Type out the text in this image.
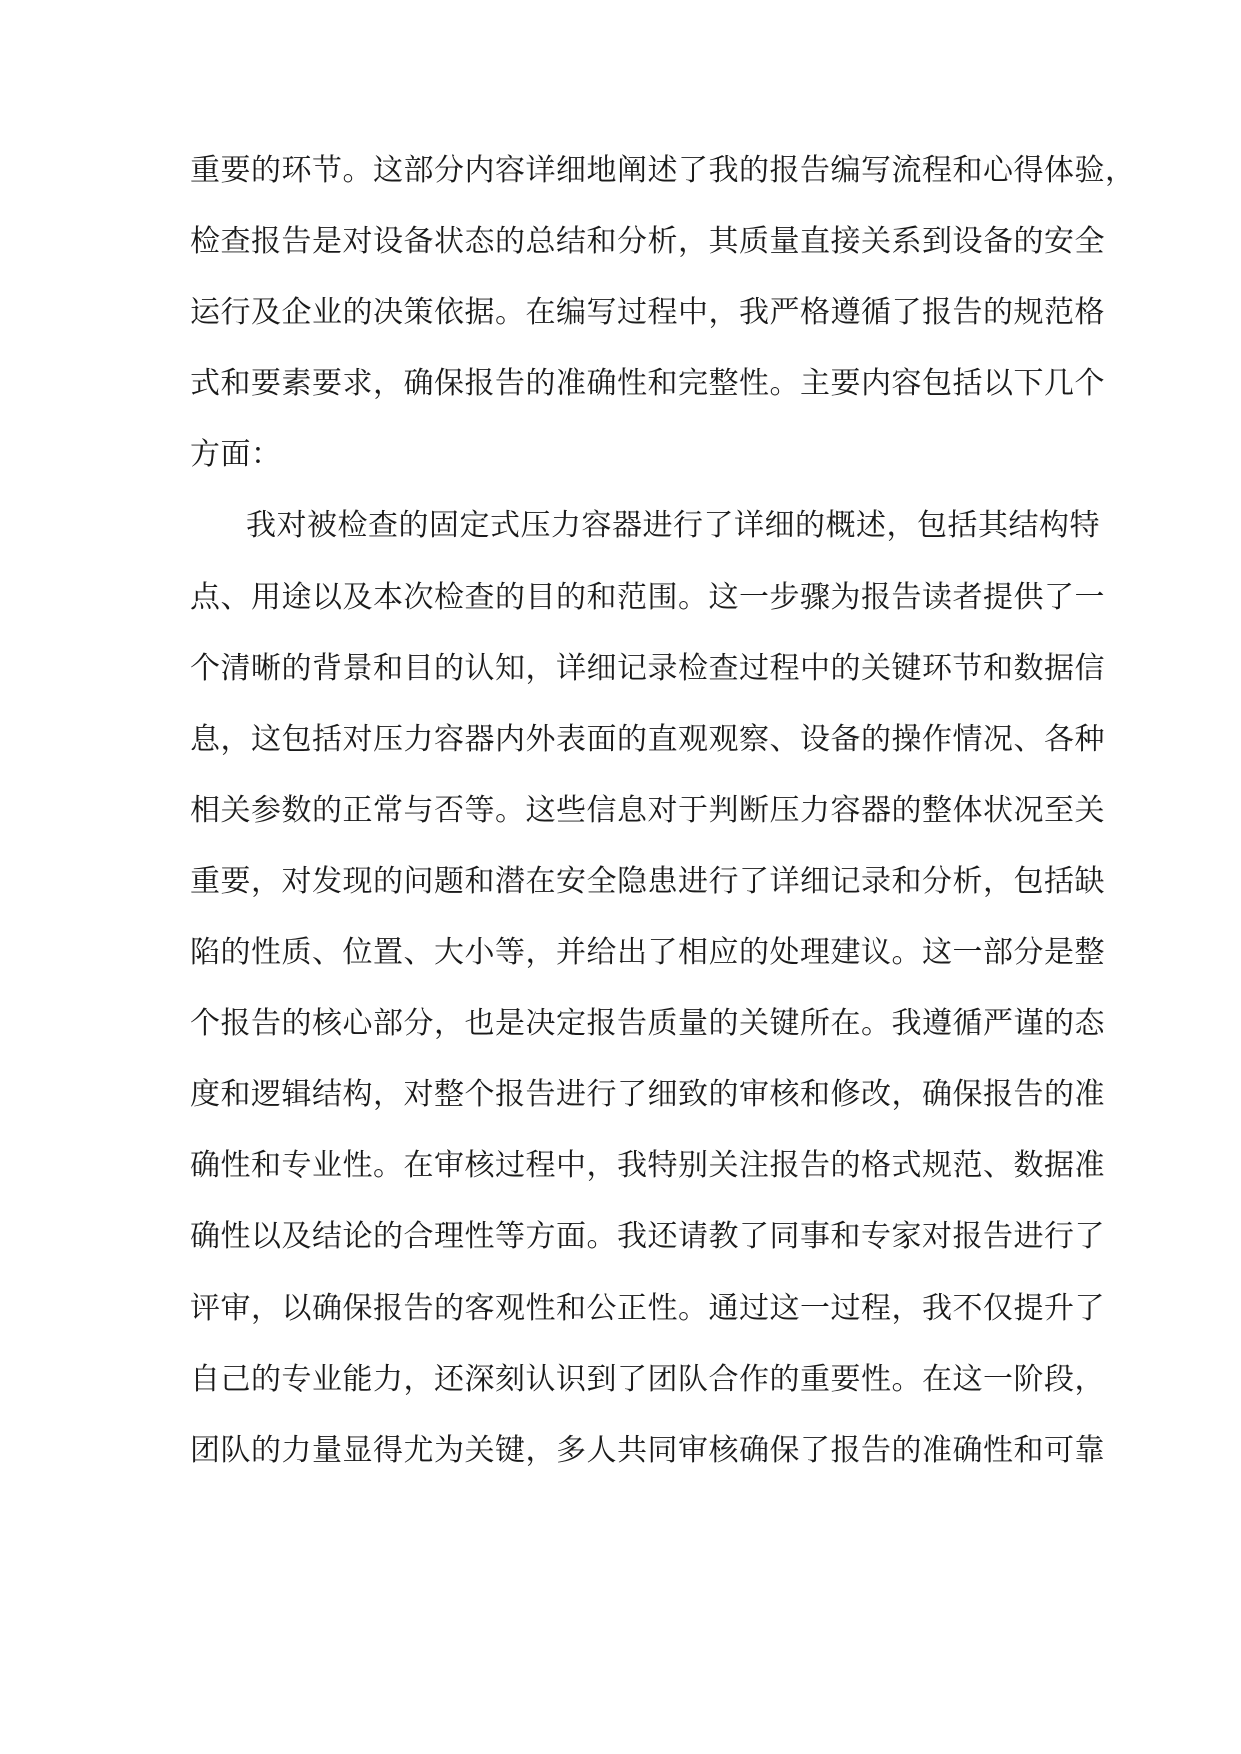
重要的环节。这部分内容详细地阐述了我的报告编写流程和心得体验，
检查报告是对设备状态的总结和分析，其质量直接关系到设备的安全
运行及企业的决策依据。在编写过程中，我严格遵循了报告的规范格
式和要素要求，确保报告的准确性和完整性。主要内容包括以下几个
方面：
我对被检查的固定式压力容器进行了详细的概述，包括其结构特
点、用途以及本次检查的目的和范围。这一步骤为报告读者提供了一
个清晰的背景和目的认知，详细记录检查过程中的关键环节和数据信
息，这包括对压力容器内外表面的直观观察、设备的操作情况、各种
相关参数的正常与否等。这些信息对于判断压力容器的整体状况至关
重要，对发现的问题和潜在安全隐患进行了详细记录和分析，包括缺
陷的性质、位置、大小等，并给出了相应的处理建议。这一部分是整
个报告的核心部分，也是决定报告质量的关键所在。我遵循严谨的态
度和逻辑结构，对整个报告进行了细致的审核和修改，确保报告的准
确性和专业性。在审核过程中，我特别关注报告的格式规范、数据准
确性以及结论的合理性等方面。我还请教了同事和专家对报告进行了
评审，以确保报告的客观性和公正性。通过这一过程，我不仅提升了
自己的专业能力，还深刻认识到了团队合作的重要性。在这一阶段，
团队的力量显得尤为关键，多人共同审核确保了报告的准确性和可靠
